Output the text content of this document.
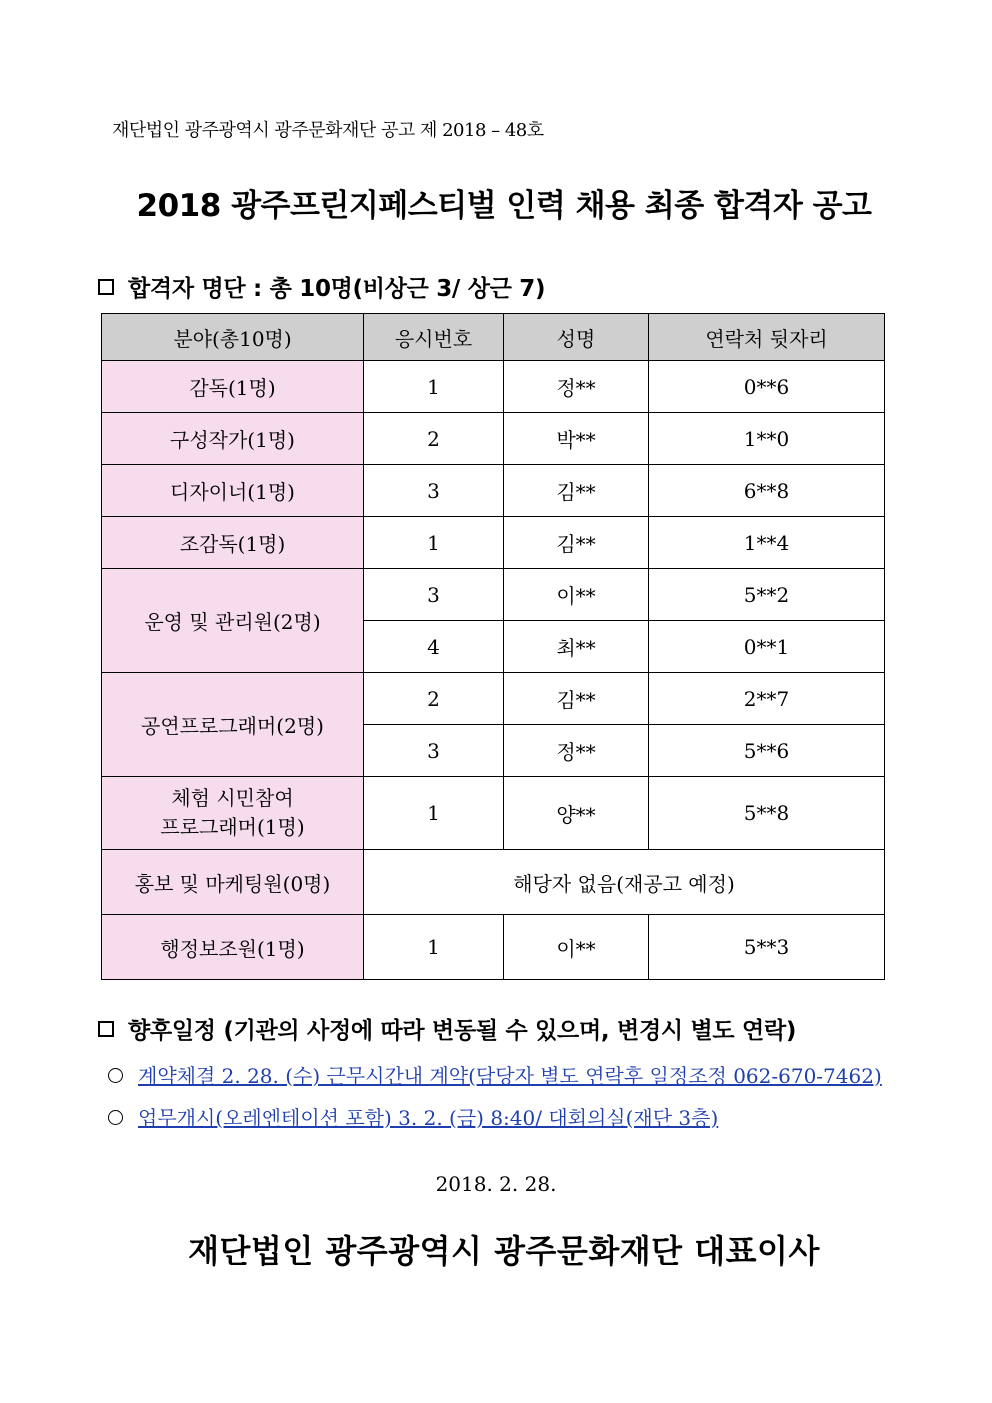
재단법인 광주광역시 광주문화재단 공고 제 2018 – 48호
2018 광주프린지페스티벌 인력 채용 최종 합격자 공고
합격자 명단 : 총 10명(비상근 3/ 상근 7)
분야(총10명)	응시번호	성명	연락처 뒷자리
감독(1명)	1	정**	0**6
구성작가(1명)	2	박**	1**0
디자이너(1명)	3	김**	6**8
조감독(1명)	1	김**	1**4
운영 및 관리원(2명)	3	이**	5**2
	4	최**	0**1
공연프로그래머(2명)	2	김**	2**7
	3	정**	5**6

체험 시민참여
프로그래머(1명)	1	양**	5**8
홍보 및 마케팅원(0명)	해당자 없음(재공고 예정)		
행정보조원(1명)	1	이**	5**3
향후일정 (기관의 사정에 따라 변동될 수 있으며, 변경시 별도 연락)
계약체결 2. 28. (수) 근무시간내 계약(담당자 별도 연락후 일정조정 062-670-7462)
업무개시(오레엔테이션 포함) 3. 2. (금) 8:40/ 대회의실(재단 3층)
2018. 2. 28.
재단법인 광주광역시 광주문화재단 대표이사
